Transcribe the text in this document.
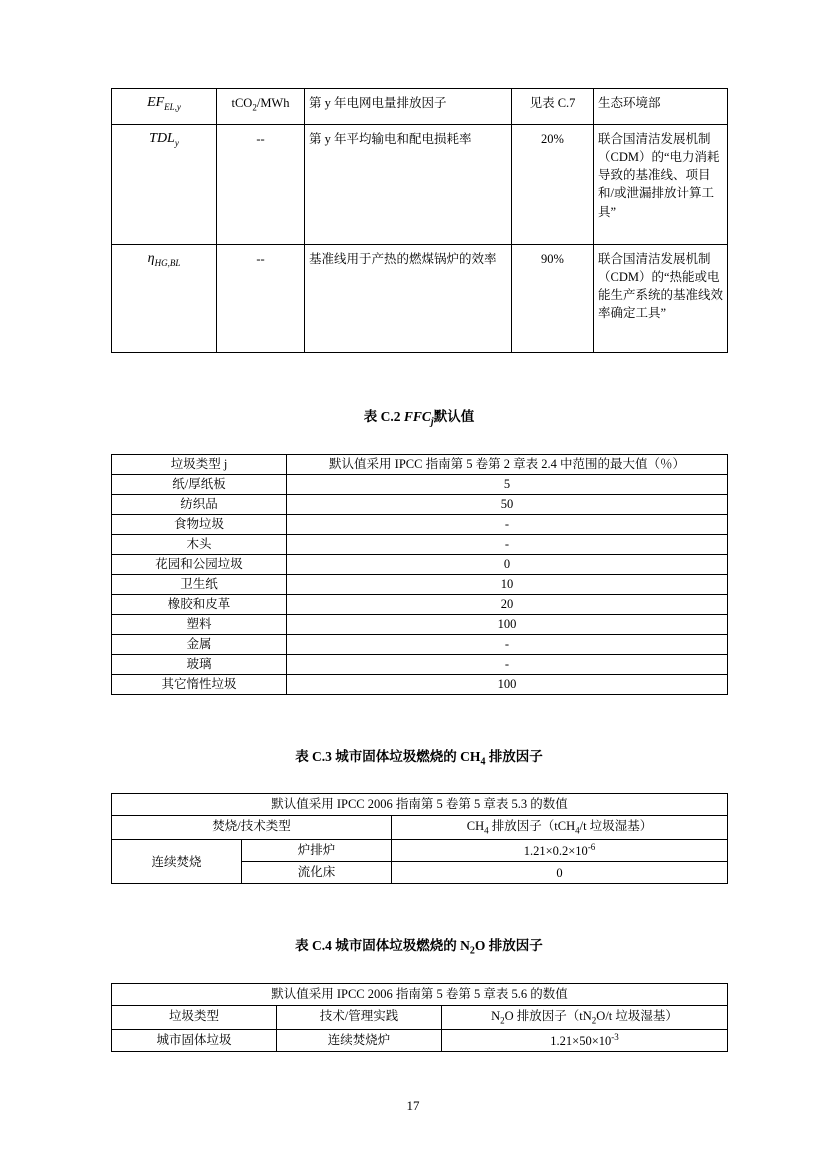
$EF_{EL,y}$	tCO$_2$/MWh	第 y 年电网电量排放因子	见表 C.7	生态环境部
$TDL_y$	--	第 y 年平均输电和配电损耗率	20%	联合国清洁发展机制（CDM）的“电力消耗导致的基准线、项目和/或泄漏排放计算工具”
$\eta_{HG,BL}$	--	基准线用于产热的燃煤锅炉的效率	90%	联合国清洁发展机制（CDM）的“热能或电能生产系统的基准线效率确定工具”

表 C.2 $FFC_j$默认值

垃圾类型 j	默认值采用 IPCC 指南第 5 卷第 2 章表 2.4 中范围的最大值（％）
纸/厚纸板	5
纺织品	50
食物垃圾	-
木头	-
花园和公园垃圾	0
卫生纸	10
橡胶和皮革	20
塑料	100
金属	-
玻璃	-
其它惰性垃圾	100

表 C.3 城市固体垃圾燃烧的 $CH_4$ 排放因子

默认值采用 IPCC 2006 指南第 5 卷第 5 章表 5.3 的数值		
焚烧/技术类型		$CH_4$ 排放因子（tCH$_4$/t 垃圾湿基）
连续焚烧	炉排炉	$1.21\times 0.2\times 10^{-6}$
	流化床	0

表 C.4 城市固体垃圾燃烧的 $N_2O$ 排放因子

默认值采用 IPCC 2006 指南第 5 卷第 5 章表 5.6 的数值		
垃圾类型	技术/管理实践	$N_2O$ 排放因子（$tN_2O/t$ 垃圾湿基）
城市固体垃圾	连续焚烧炉	$1.21\times 50\times 10^{-3}$
17
